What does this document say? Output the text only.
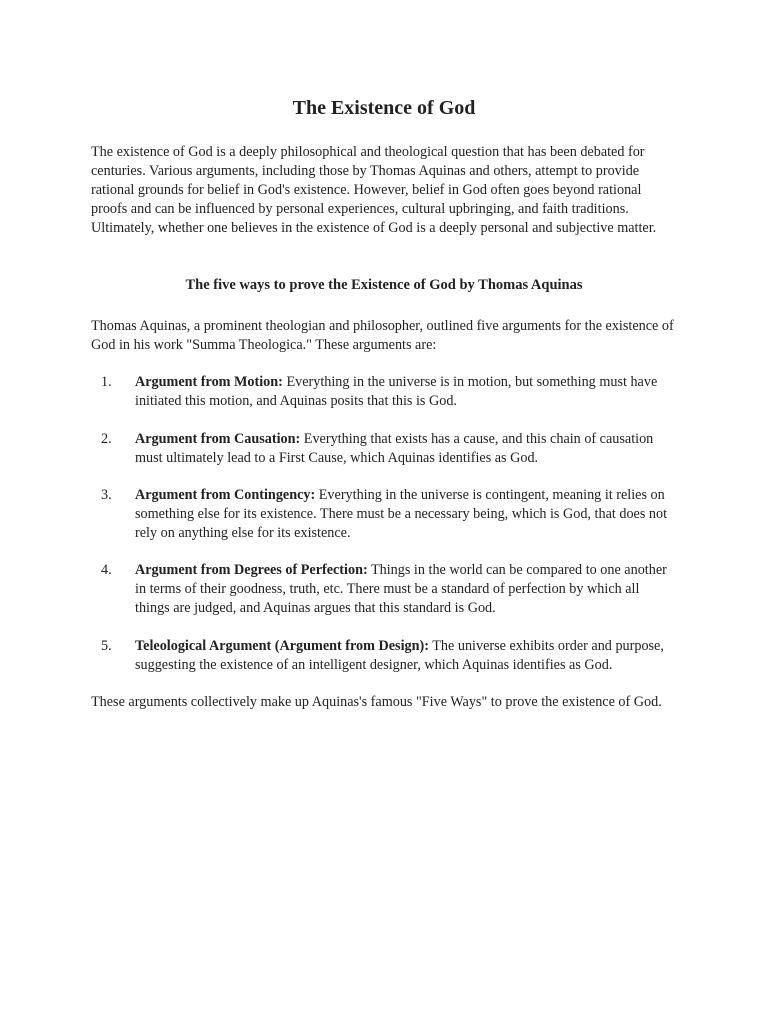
The Existence of God

The existence of God is a deeply philosophical and theological question that has been debated for centuries. Various arguments, including those by Thomas Aquinas and others, attempt to provide rational grounds for belief in God's existence. However, belief in God often goes beyond rational proofs and can be influenced by personal experiences, cultural upbringing, and faith traditions. Ultimately, whether one believes in the existence of God is a deeply personal and subjective matter.

The five ways to prove the Existence of God by Thomas Aquinas

Thomas Aquinas, a prominent theologian and philosopher, outlined five arguments for the existence of God in his work "Summa Theologica." These arguments are:

1.	Argument from Motion: Everything in the universe is in motion, but something must have initiated this motion, and Aquinas posits that this is God.
2.	Argument from Causation: Everything that exists has a cause, and this chain of causation must ultimately lead to a First Cause, which Aquinas identifies as God.
3.	Argument from Contingency: Everything in the universe is contingent, meaning it relies on something else for its existence. There must be a necessary being, which is God, that does not rely on anything else for its existence.
4.	Argument from Degrees of Perfection: Things in the world can be compared to one another in terms of their goodness, truth, etc. There must be a standard of perfection by which all things are judged, and Aquinas argues that this standard is God.
5.	Teleological Argument (Argument from Design): The universe exhibits order and purpose, suggesting the existence of an intelligent designer, which Aquinas identifies as God.

These arguments collectively make up Aquinas's famous "Five Ways" to prove the existence of God.
